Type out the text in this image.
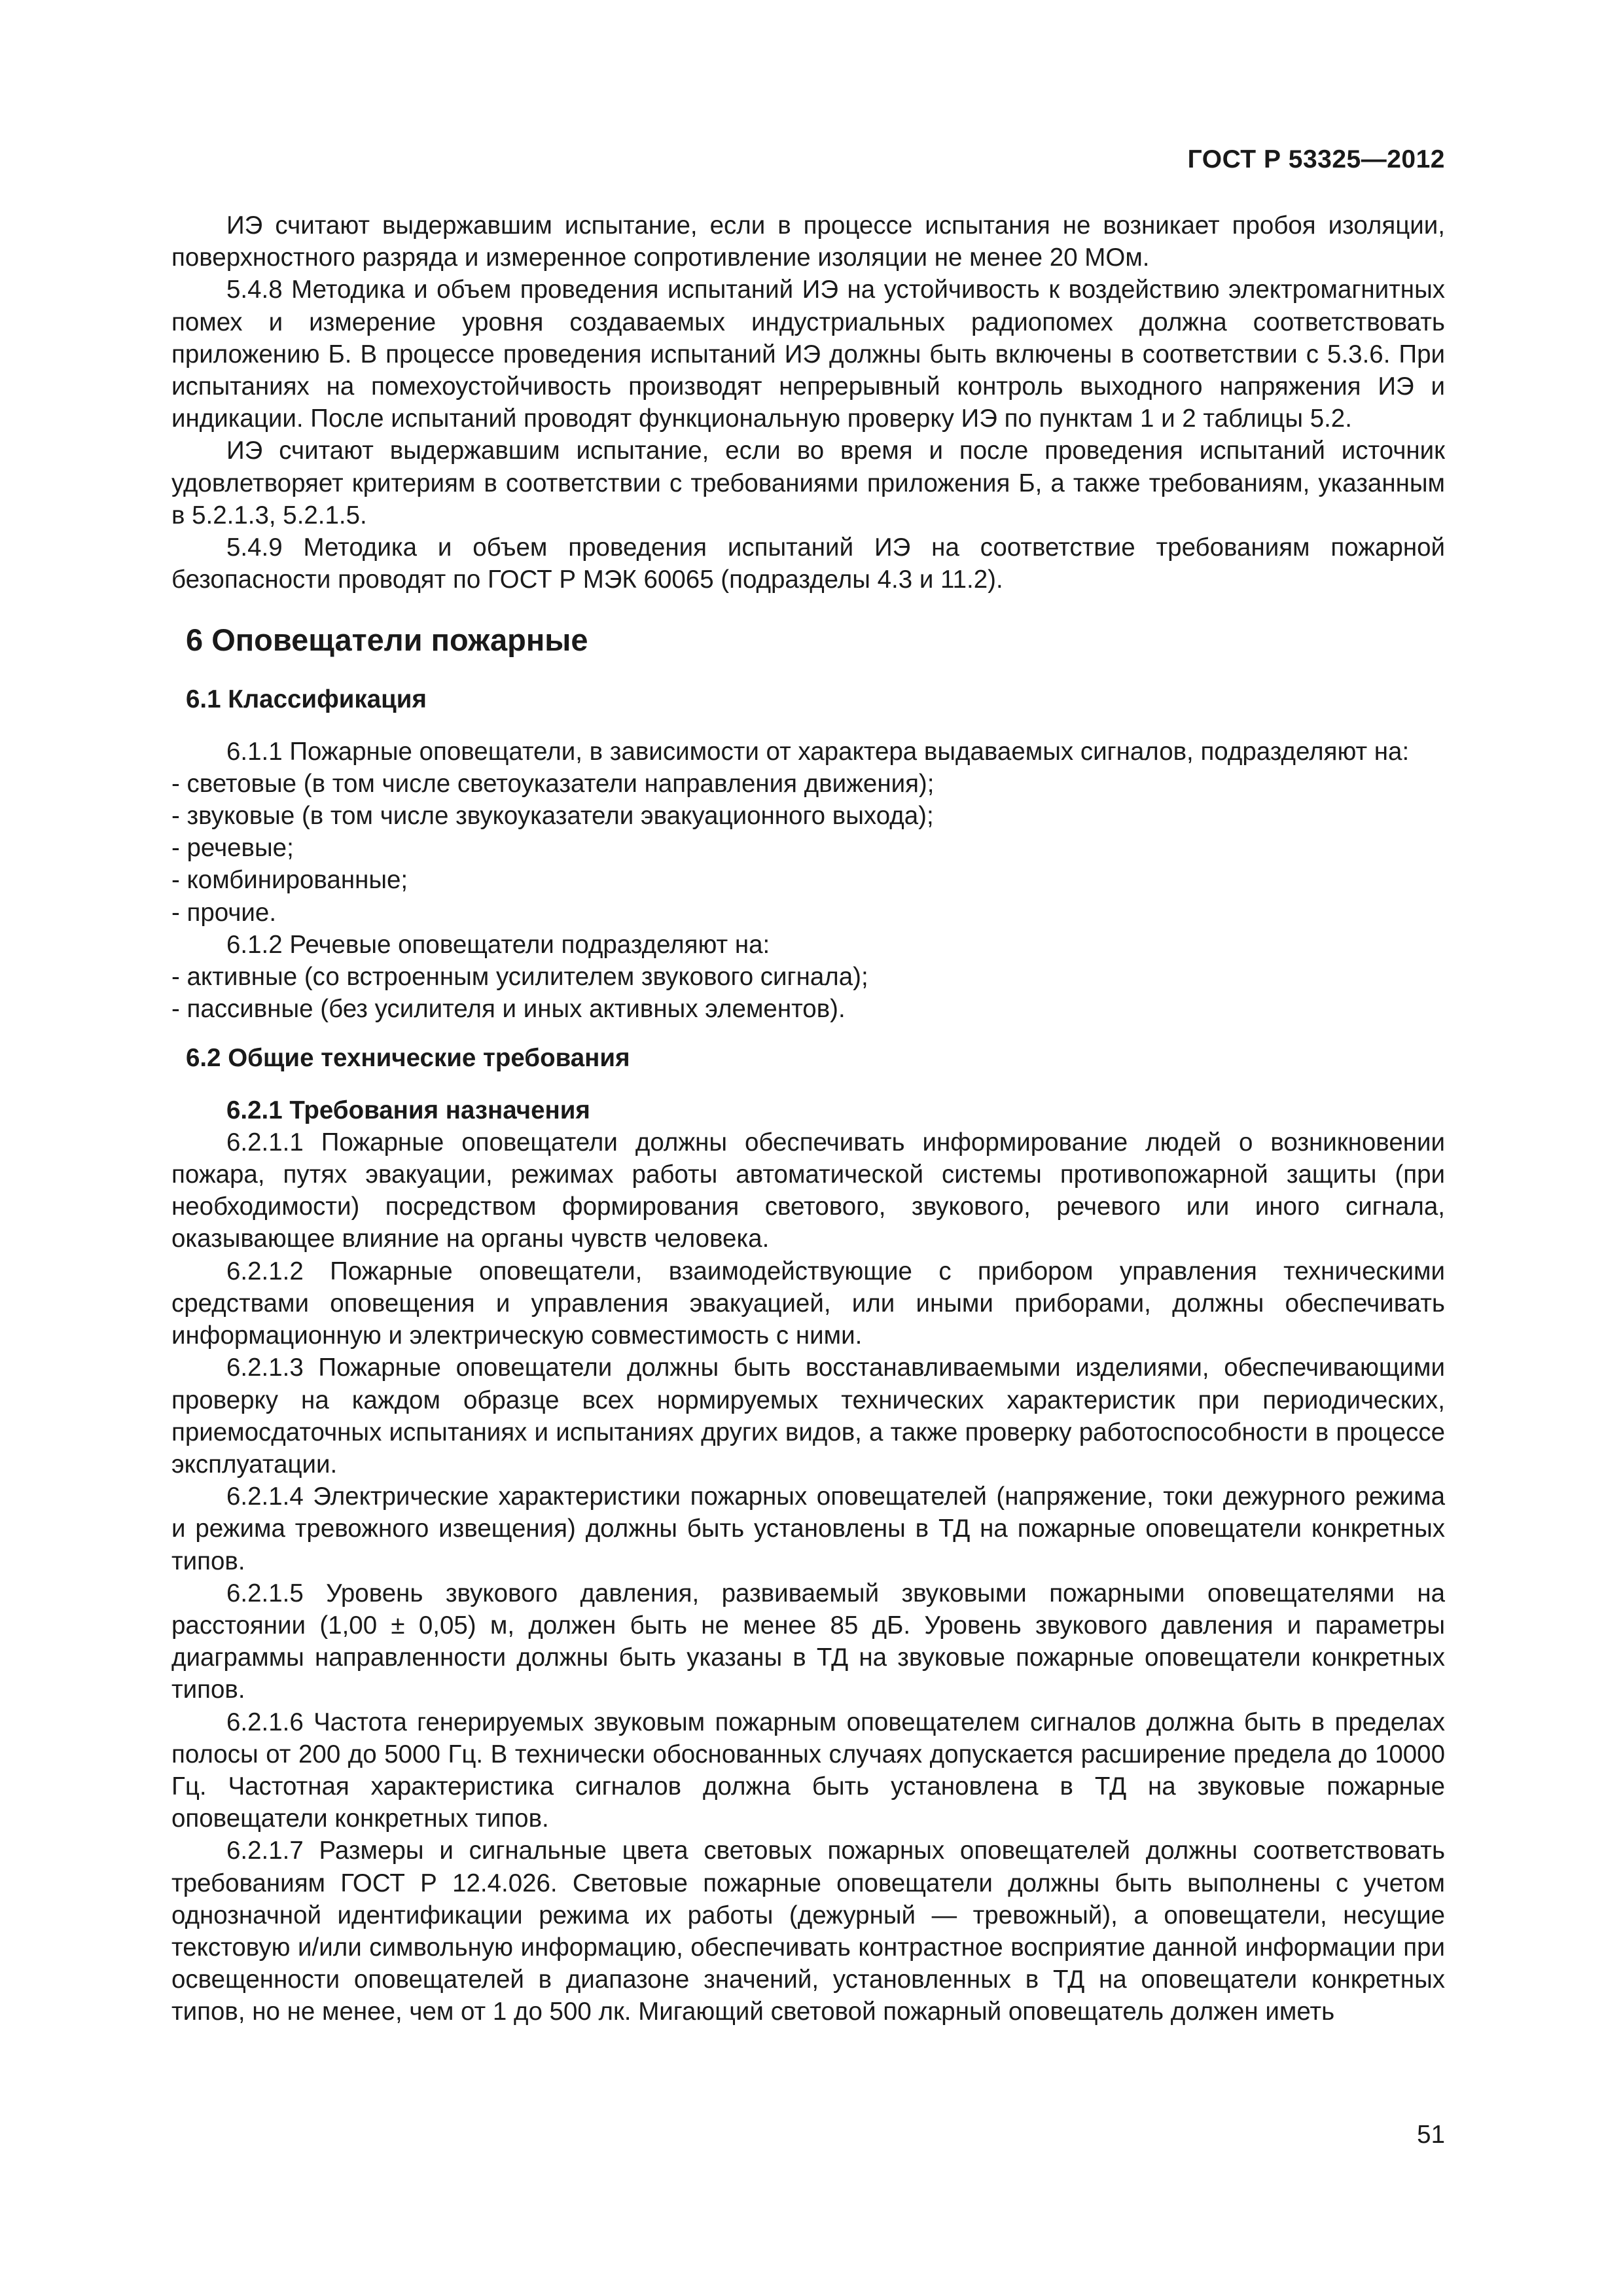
ГОСТ Р 53325—2012

ИЭ считают выдержавшим испытание, если в процессе испытания не возникает пробоя изоляции, поверхностного разряда и измеренное сопротивление изоляции не менее 20 МОм.

5.4.8 Методика и объем проведения испытаний ИЭ на устойчивость к воздействию электромагнитных помех и измерение уровня создаваемых индустриальных радиопомех должна соответствовать приложению Б. В процессе проведения испытаний ИЭ должны быть включены в соответствии с 5.3.6. При испытаниях на помехоустойчивость производят непрерывный контроль выходного напряжения ИЭ и индикации. После испытаний проводят функциональную проверку ИЭ по пунктам 1 и 2 таблицы 5.2.

ИЭ считают выдержавшим испытание, если во время и после проведения испытаний источник удовлетворяет критериям в соответствии с требованиями приложения Б, а также требованиям, указанным в 5.2.1.3, 5.2.1.5.

5.4.9 Методика и объем проведения испытаний ИЭ на соответствие требованиям пожарной безопасности проводят по ГОСТ Р МЭК 60065 (подразделы 4.3 и 11.2).

6 Оповещатели пожарные
6.1 Классификация

6.1.1 Пожарные оповещатели, в зависимости от характера выдаваемых сигналов, подразделяют на:

- световые (в том числе светоуказатели направления движения);

- звуковые (в том числе звукоуказатели эвакуационного выхода);

- речевые;

- комбинированные;

- прочие.

6.1.2 Речевые оповещатели подразделяют на:

- активные (со встроенным усилителем звукового сигнала);

- пассивные (без усилителя и иных активных элементов).

6.2 Общие технические требования

6.2.1 Требования назначения

6.2.1.1 Пожарные оповещатели должны обеспечивать информирование людей о возникновении пожара, путях эвакуации, режимах работы автоматической системы противопожарной защиты (при необходимости) посредством формирования светового, звукового, речевого или иного сигнала, оказывающее влияние на органы чувств человека.

6.2.1.2 Пожарные оповещатели, взаимодействующие с прибором управления техническими средствами оповещения и управления эвакуацией, или иными приборами, должны обеспечивать информационную и электрическую совместимость с ними.

6.2.1.3 Пожарные оповещатели должны быть восстанавливаемыми изделиями, обеспечивающими проверку на каждом образце всех нормируемых технических характеристик при периодических, приемосдаточных испытаниях и испытаниях других видов, а также проверку работоспособности в процессе эксплуатации.

6.2.1.4 Электрические характеристики пожарных оповещателей (напряжение, токи дежурного режима и режима тревожного извещения) должны быть установлены в ТД на пожарные оповещатели конкретных типов.

6.2.1.5 Уровень звукового давления, развиваемый звуковыми пожарными оповещателями на расстоянии (1,00 ± 0,05) м, должен быть не менее 85 дБ. Уровень звукового давления и параметры диаграммы направленности должны быть указаны в ТД на звуковые пожарные оповещатели конкретных типов.

6.2.1.6 Частота генерируемых звуковым пожарным оповещателем сигналов должна быть в пределах полосы от 200 до 5000 Гц. В технически обоснованных случаях допускается расширение предела до 10000 Гц. Частотная характеристика сигналов должна быть установлена в ТД на звуковые пожарные оповещатели конкретных типов.

6.2.1.7 Размеры и сигнальные цвета световых пожарных оповещателей должны соответствовать требованиям ГОСТ Р 12.4.026. Световые пожарные оповещатели должны быть выполнены с учетом однозначной идентификации режима их работы (дежурный — тревожный), а оповещатели, несущие текстовую и/или символьную информацию, обеспечивать контрастное восприятие данной информации при освещенности оповещателей в диапазоне значений, установленных в ТД на оповещатели конкретных типов, но не менее, чем от 1 до 500 лк. Мигающий световой пожарный оповещатель должен иметь

51
